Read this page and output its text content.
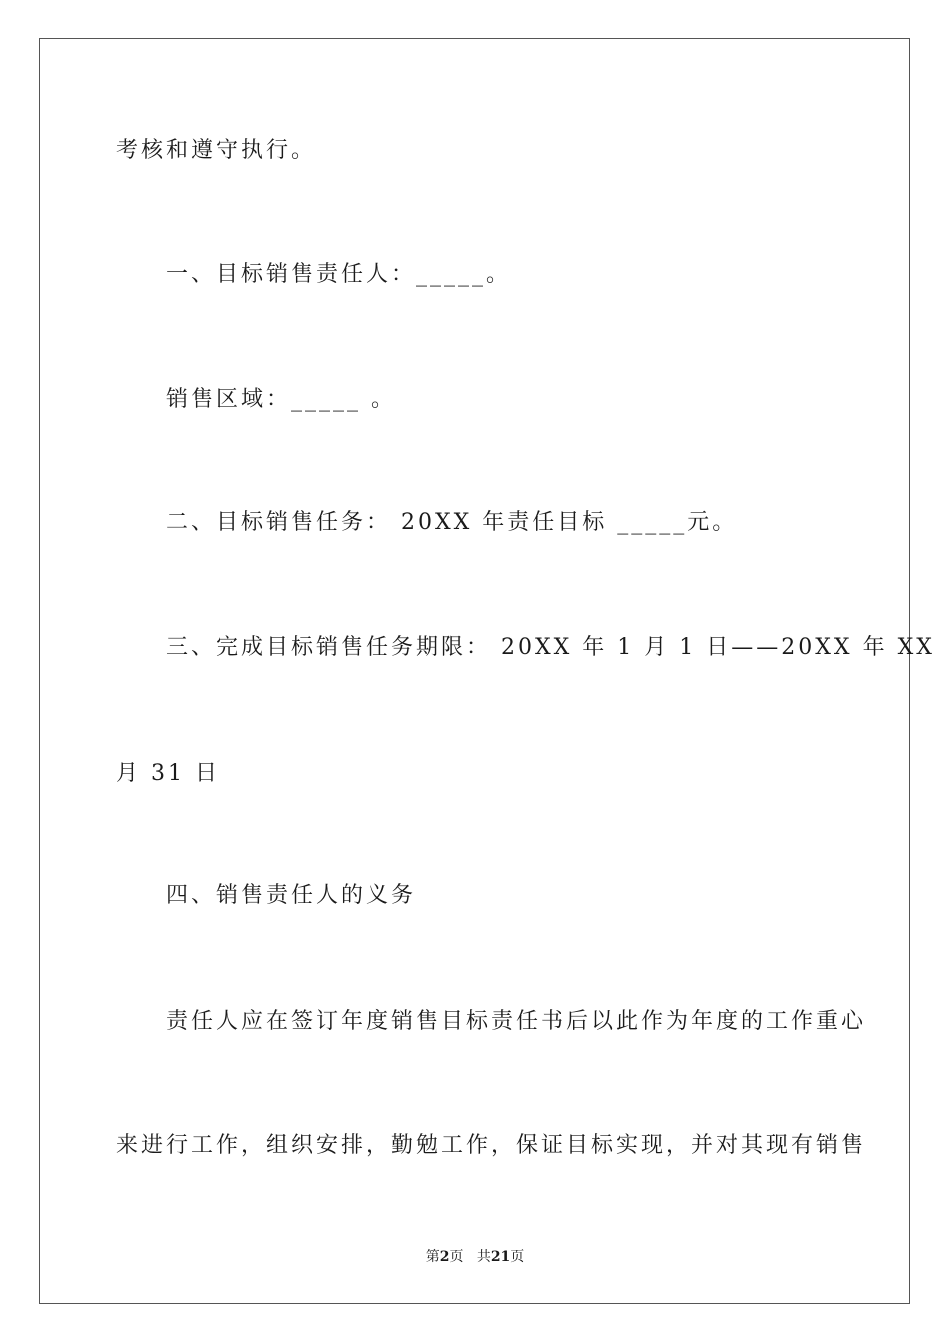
考核和遵守执行。
一、目标销售责任人：_____。
销售区域：_____ 。
二、目标销售任务： 20XX 年责任目标 _____元。
三、完成目标销售任务期限： 20XX 年 1 月 1 日——20XX 年 XX
月 31 日
四、销售责任人的义务
责任人应在签订年度销售目标责任书后以此作为年度的工作重心
来进行工作，组织安排，勤勉工作，保证目标实现，并对其现有销售
第2页 共21页
